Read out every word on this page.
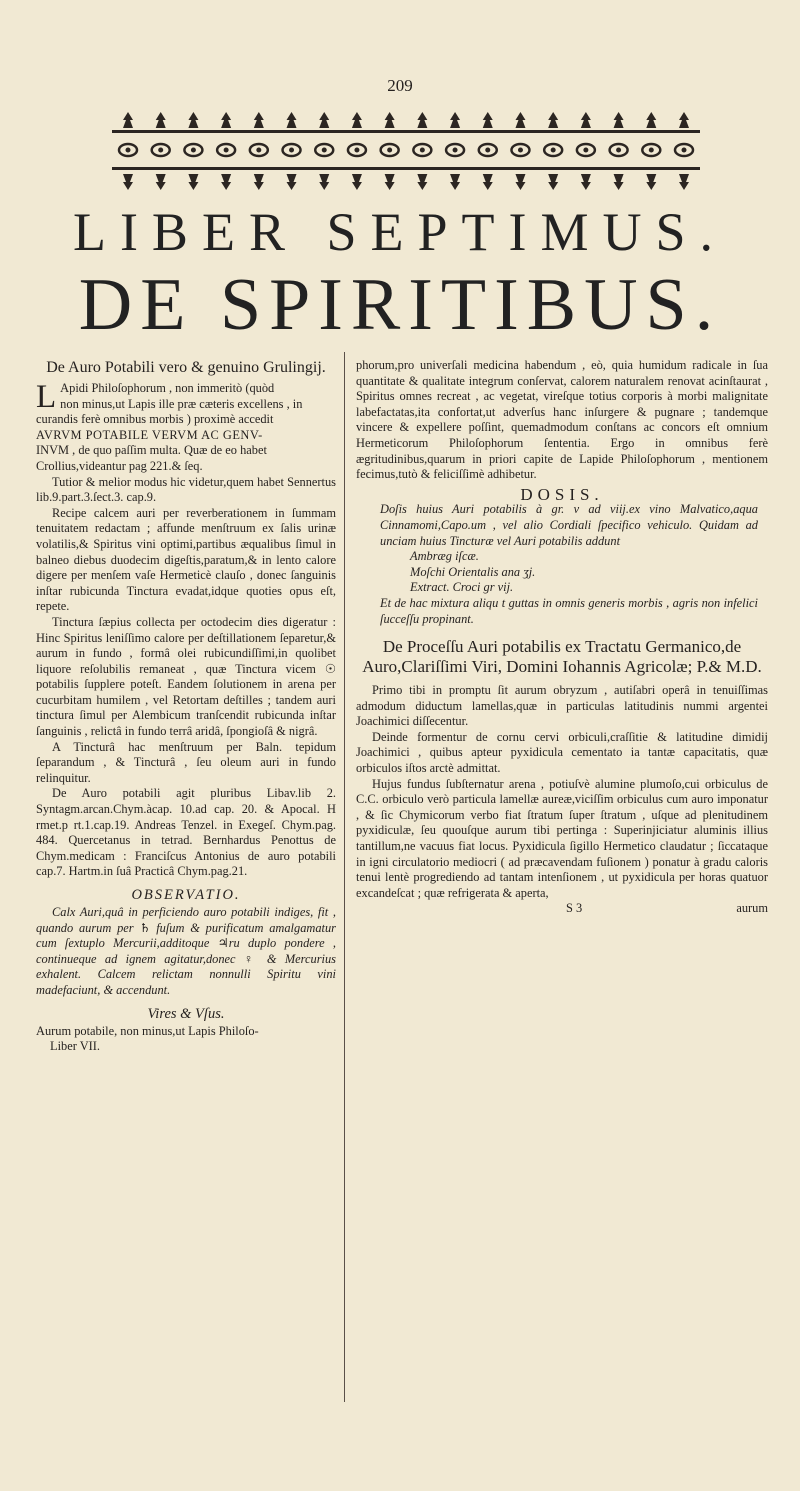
209
LIBER SEPTIMUS.
DE SPIRITIBUS.
De Auro Potabili vero & genuino Grulingij.
L Apidi Philoſophorum , non immeritò (quòd
non minus,ut Lapis ille præ cæteris excellens , in
curandis ferè omnibus morbis ) proximè accedit
AVRVM POTABILE VERVM AC GENV-
INVM , de quo paſſim multa. Quæ de eo habet
Crollius,videantur pag 221.& ſeq.

Tutior & melior modus hic videtur,quem habet Sennertus lib.9.part.3.ſect.3. cap.9.

Recipe calcem auri per reverberationem in ſummam tenuitatem redactam ; affunde menſtruum ex ſalis urinæ volatilis,& Spiritus vini optimi,partibus æqualibus ſimul in balneo diebus duodecim digeſtis,paratum,& in lento calore digere per menſem vaſe Hermeticè clauſo , donec ſanguinis inſtar rubicunda Tinctura evadat,idque quoties opus eſt, repete.

Tinctura ſæpius collecta per octodecim dies digeratur : Hinc Spiritus leniſſimo calore per deſtillationem ſeparetur,& aurum in fundo , formâ olei rubicundiſſimi,in quolibet liquore reſolubilis remaneat , quæ Tinctura vicem ☉ potabilis ſupplere poteſt. Eandem ſolutionem in arena per cucurbitam humilem , vel Retortam deſtilles ; tandem auri tinctura ſimul per Alembicum tranſcendit rubicunda inſtar ſanguinis , relictâ in fundo terrâ aridâ, ſpongioſâ & nigrâ.

A Tincturâ hac menſtruum per Baln. tepidum ſeparandum , & Tincturâ , ſeu oleum auri in fundo relinquitur.

De Auro potabili agit pluribus Libav.lib 2. Syntagm.arcan.Chym.àcap. 10.ad cap. 20. & Apocal. H rmet.p rt.1.cap.19. Andreas Tenzel. in Exegeſ. Chym.pag. 484. Quercetanus in tetrad. Bernhardus Penottus de Chym.medicam : Franciſcus Antonius de auro potabili cap.7. Hartm.in ſuâ Practicâ Chym.pag.21.

OBSERVATIO.

Calx Auri,quâ in perficiendo auro potabili indiges, fit , quando aurum per ♄ fuſum & purificatum amalgamatur cum ſextuplo Mercurii,additoque ♃ru duplo pondere , continueque ad ignem agitatur,donec ♀ & Mercurius exhalent. Calcem relictam nonnulli Spiritu vini madefaciunt, & accendunt.

Vires & Vſus.

Aurum potabile, non minus,ut Lapis Philoſo-

Liber VII.

phorum,pro univerſali medicina habendum , eò, quia humidum radicale in ſua quantitate & qualitate integrum conſervat, calorem naturalem renovat acinſtaurat , Spiritus omnes recreat , ac vegetat, vireſque totius corporis à morbi malignitate labefactatas,ita confortat,ut adverſus hanc inſurgere & pugnare ; tandemque vincere & expellere poſſint, quemadmodum conſtans ac concors eſt omnium Hermeticorum Philoſophorum ſententia. Ergo in omnibus ferè ægritudinibus,quarum in priori capite de Lapide Philoſophorum , mentionem fecimus,tutò & feliciſſimè adhibetur.

DOSIS.

Doſis huius Auri potabilis à gr. v ad viij.ex vino Malvatico,aqua Cinnamomi,Capo.um , vel alio Cordiali ſpecifico vehiculo. Quidam ad unciam huius Tincturæ vel Auri potabilis addunt

Ambræg iſcæ.

Moſchi Orientalis ana ʒj.

Extract. Croci gr vij.

Et de hac mixtura aliqu t guttas in omnis generis morbis , agris non infelici ſucceſſu propinant.

De Proceſſu Auri potabilis ex Tractatu Germanico,de Auro,Clariſſimi Viri, Domini Iohannis Agricolæ; P.& M.D.

Primo tibi in promptu ſit aurum obryzum , autiſabri operâ in tenuiſſimas admodum diductum lamellas,quæ in particulas latitudinis nummi argentei Joachimici diſſecentur.

Deinde formentur de cornu cervi orbiculi,craſſitie & latitudine dimidij Joachimici , quibus apteur pyxidicula cementato ia tantæ capacitatis, quæ orbiculos iſtos arctè admittat.

Hujus fundus ſubſternatur arena , potiuſvè alumine plumoſo,cui orbiculus de C.C. orbiculo verò particula lamellæ aureæ,viciſſim orbiculus cum auro imponatur , & ſic Chymicorum verbo fiat ſtratum ſuper ſtratum , uſque ad plenitudinem pyxidiculæ, ſeu quouſque aurum tibi pertinga : Superinjiciatur aluminis illius tantillum,ne vacuus fiat locus. Pyxidicula ſigillo Hermetico claudatur ; ſiccataque in igni circulatorio mediocri ( ad præcavendam fuſionem ) ponatur à gradu caloris tenui lentè progrediendo ad tantam intenſionem , ut pyxidicula per horas quatuor excandeſcat ; quæ refrigerata & aperta,

S 3	aurum
